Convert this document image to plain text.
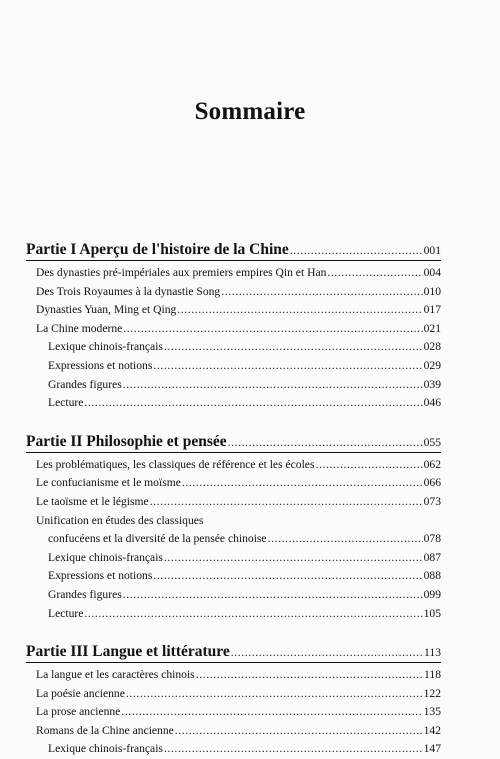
Sommaire
Partie I Aperçu de l'histoire de la Chine .....	001
Des dynasties pré-impériales aux premiers empires Qin et Han .....	004
Des Trois Royaumes à la dynastie Song .....	010
Dynasties Yuan, Ming et Qing .....	017
La Chine moderne .....	021
Lexique chinois-français .....	028
Expressions et notions .....	029
Grandes figures .....	039
Lecture .....	046
Partie II Philosophie et pensée .....	055
Les problématiques, les classiques de référence et les écoles .....	062
Le confucianisme et le moïsme .....	066
Le taoïsme et le légisme .....	073
Unification en études des classiques
confucéens et la diversité de la pensée chinoise .....	078
Lexique chinois-français .....	087
Expressions et notions .....	088
Grandes figures .....	099
Lecture .....	105
Partie III Langue et littérature .....	113
La langue et les caractères chinois .....	118
La poésie ancienne .....	122
La prose ancienne .....	135
Romans de la Chine ancienne .....	142
Lexique chinois-français .....	147
